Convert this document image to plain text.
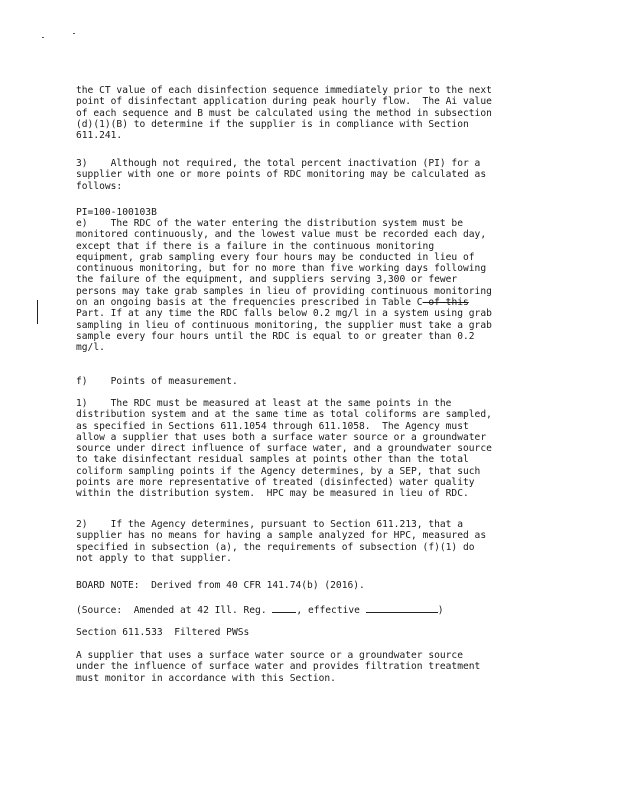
the CT value of each disinfection sequence immediately prior to the next
point of disinfectant application during peak hourly flow.  The Ai value
of each sequence and B must be calculated using the method in subsection
(d)(1)(B) to determine if the supplier is in compliance with Section
611.241.

3)    Although not required, the total percent inactivation (PI) for a
supplier with one or more points of RDC monitoring may be calculated as
follows:

PI=100-100103B

e)    The RDC of the water entering the distribution system must be
monitored continuously, and the lowest value must be recorded each day,
except that if there is a failure in the continuous monitoring
equipment, grab sampling every four hours may be conducted in lieu of
continuous monitoring, but for no more than five working days following
the failure of the equipment, and suppliers serving 3,300 or fewer
persons may take grab samples in lieu of providing continuous monitoring
on an ongoing basis at the frequencies prescribed in Table C of this
Part. If at any time the RDC falls below 0.2 mg/l in a system using grab
sampling in lieu of continuous monitoring, the supplier must take a grab
sample every four hours until the RDC is equal to or greater than 0.2
mg/l.

f)    Points of measurement.

1)    The RDC must be measured at least at the same points in the
distribution system and at the same time as total coliforms are sampled,
as specified in Sections 611.1054 through 611.1058.  The Agency must
allow a supplier that uses both a surface water source or a groundwater
source under direct influence of surface water, and a groundwater source
to take disinfectant residual samples at points other than the total
coliform sampling points if the Agency determines, by a SEP, that such
points are more representative of treated (disinfected) water quality
within the distribution system.  HPC may be measured in lieu of RDC.

2)    If the Agency determines, pursuant to Section 611.213, that a
supplier has no means for having a sample analyzed for HPC, measured as
specified in subsection (a), the requirements of subsection (f)(1) do
not apply to that supplier.

BOARD NOTE:  Derived from 40 CFR 141.74(b) (2016).

(Source:  Amended at 42 Ill. Reg.	, effective	)

Section 611.533  Filtered PWSs

A supplier that uses a surface water source or a groundwater source
under the influence of surface water and provides filtration treatment
must monitor in accordance with this Section.
